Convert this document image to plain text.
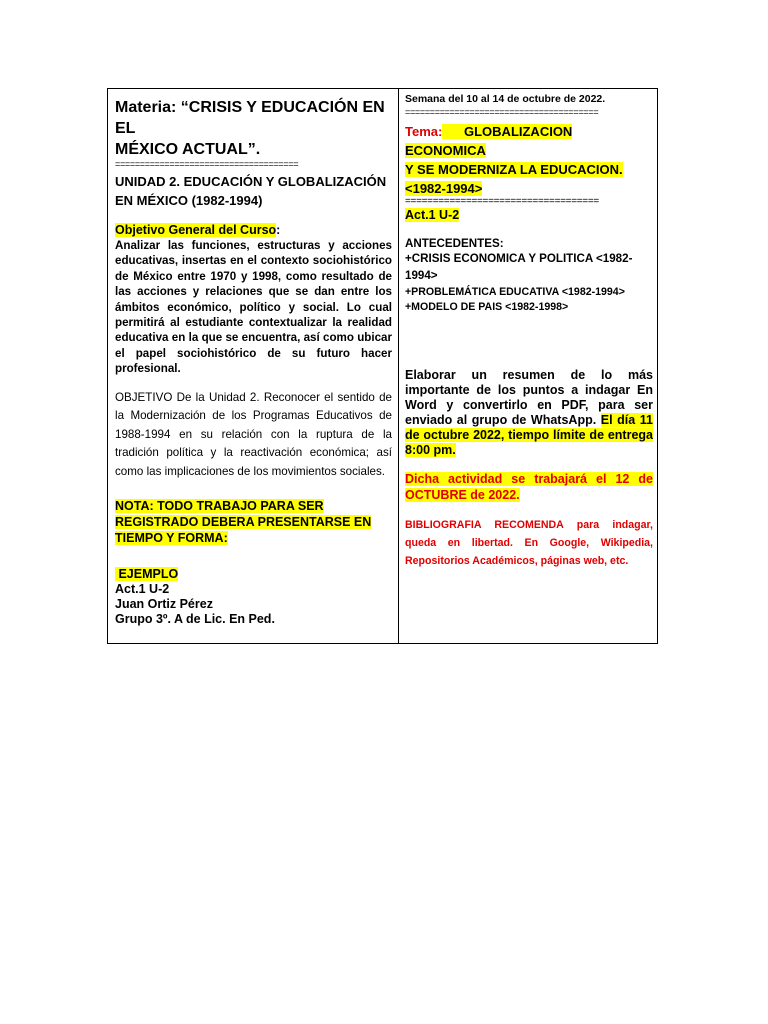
Materia: “CRISIS Y EDUCACIÓN EN EL
MÉXICO ACTUAL”.
=====================================
UNIDAD 2. EDUCACIÓN Y GLOBALIZACIÓN
EN MÉXICO (1982-1994)
Objetivo General del Curso:
Analizar las funciones, estructuras y acciones educativas, insertas en el contexto sociohistórico de México entre 1970 y 1998, como resultado de las acciones y relaciones que se dan entre los ámbitos económico, político y social. Lo cual permitirá al estudiante contextualizar la realidad educativa en la que se encuentra, así como ubicar el papel sociohistórico de su futuro hacer profesional.
OBJETIVO De la Unidad 2. Reconocer el sentido de la Modernización de los Programas Educativos de 1988-1994 en su relación con la ruptura de la tradición política y la reactivación económica; así como las implicaciones de los movimientos sociales.
NOTA: TODO TRABAJO PARA SER
REGISTRADO DEBERA PRESENTARSE EN
TIEMPO Y FORMA:
EJEMPLO
Act.1 U-2
Juan Ortiz Pérez
Grupo 3º. A de Lic. En Ped.
Semana del 10 al 14 de octubre de 2022.
=======================================
Tema: GLOBALIZACION ECONOMICA
Y SE MODERNIZA LA EDUCACION.
<1982-1994>
===================================
Act.1 U-2
ANTECEDENTES:
+CRISIS ECONOMICA Y POLITICA <1982-
1994>
+PROBLEMÁTICA EDUCATIVA <1982-1994>
+MODELO DE PAIS <1982-1998>
Elaborar un resumen de lo más importante de los puntos a indagar En Word y convertirlo en PDF, para ser enviado al grupo de WhatsApp. El día 11 de octubre 2022, tiempo límite de entrega 8:00 pm.
Dicha actividad se trabajará el 12 de OCTUBRE de 2022.
BIBLIOGRAFIA RECOMENDA para indagar, queda en libertad. En Google, Wikipedia, Repositorios Académicos, páginas web, etc.
